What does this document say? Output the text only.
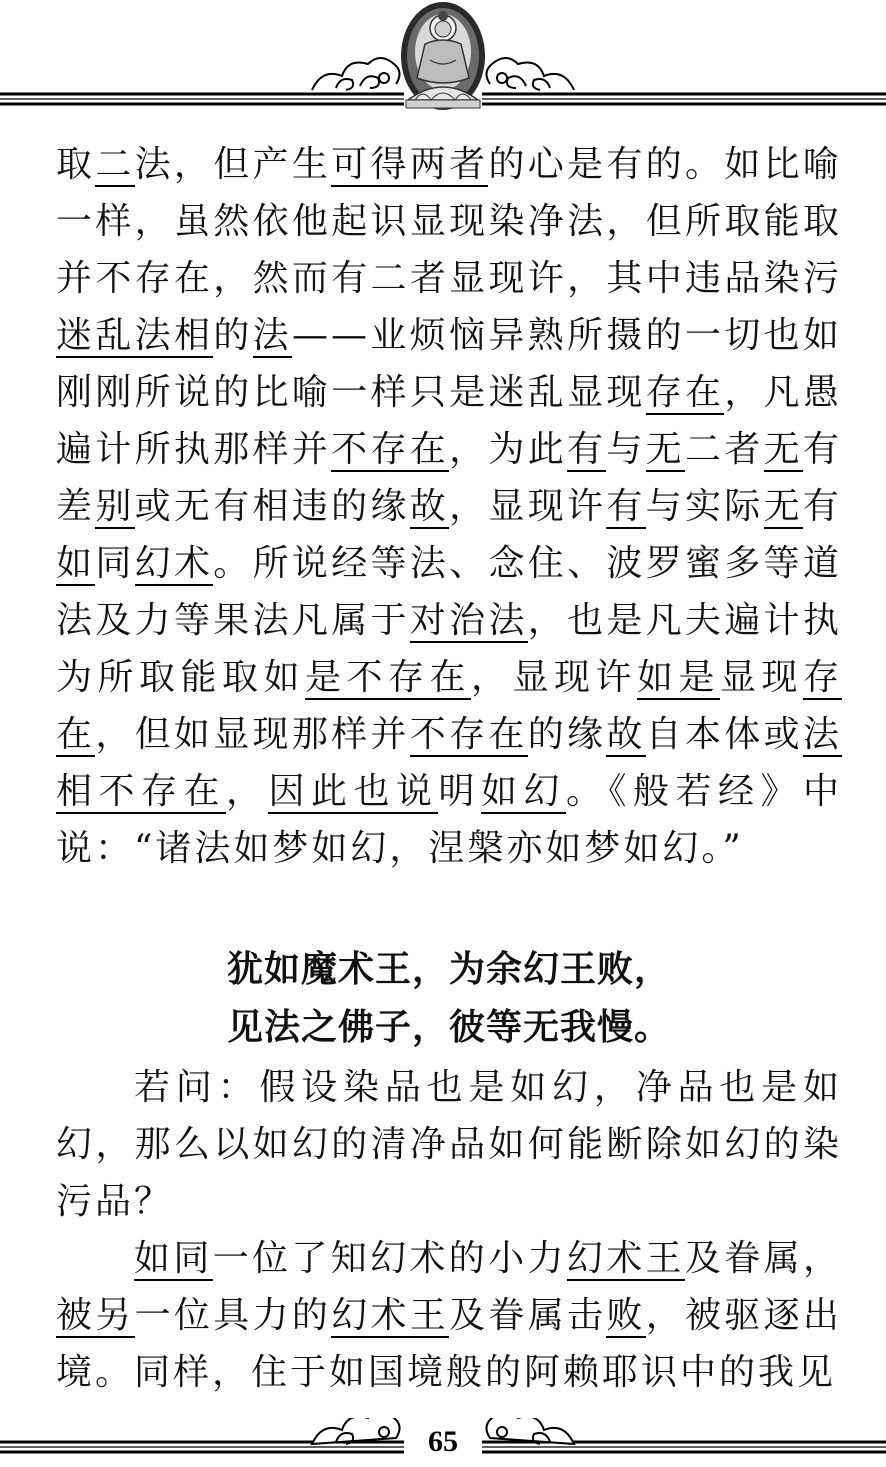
取二法，但产生可得两者的心是有的。如比喻一样，虽然依他起识显现染净法，但所取能取并不存在，然而有二者显现许，其中违品染污迷乱法相的法——业烦恼异熟所摄的一切也如刚刚所说的比喻一样只是迷乱显现存在，凡愚遍计所执那样并不存在，为此有与无二者无有差别或无有相违的缘故，显现许有与实际无有如同幻术。所说经等法、念住、波罗蜜多等道法及力等果法凡属于对治法，也是凡夫遍计执为所取能取如是不存在，显现许如是显现存在，但如显现那样并不存在的缘故自本体或法相不存在，因此也说明如幻。《般若经》中说：“诸法如梦如幻，涅槃亦如梦如幻。”

犹如魔术王，为余幻王败，
见法之佛子，彼等无我慢。

若问：假设染品也是如幻，净品也是如幻，那么以如幻的清净品如何能断除如幻的染污品？

如同一位了知幻术的小力幻术王及眷属，被另一位具力的幻术王及眷属击败，被驱逐出境。同样，住于如国境般的阿赖耶识中的我见

65
